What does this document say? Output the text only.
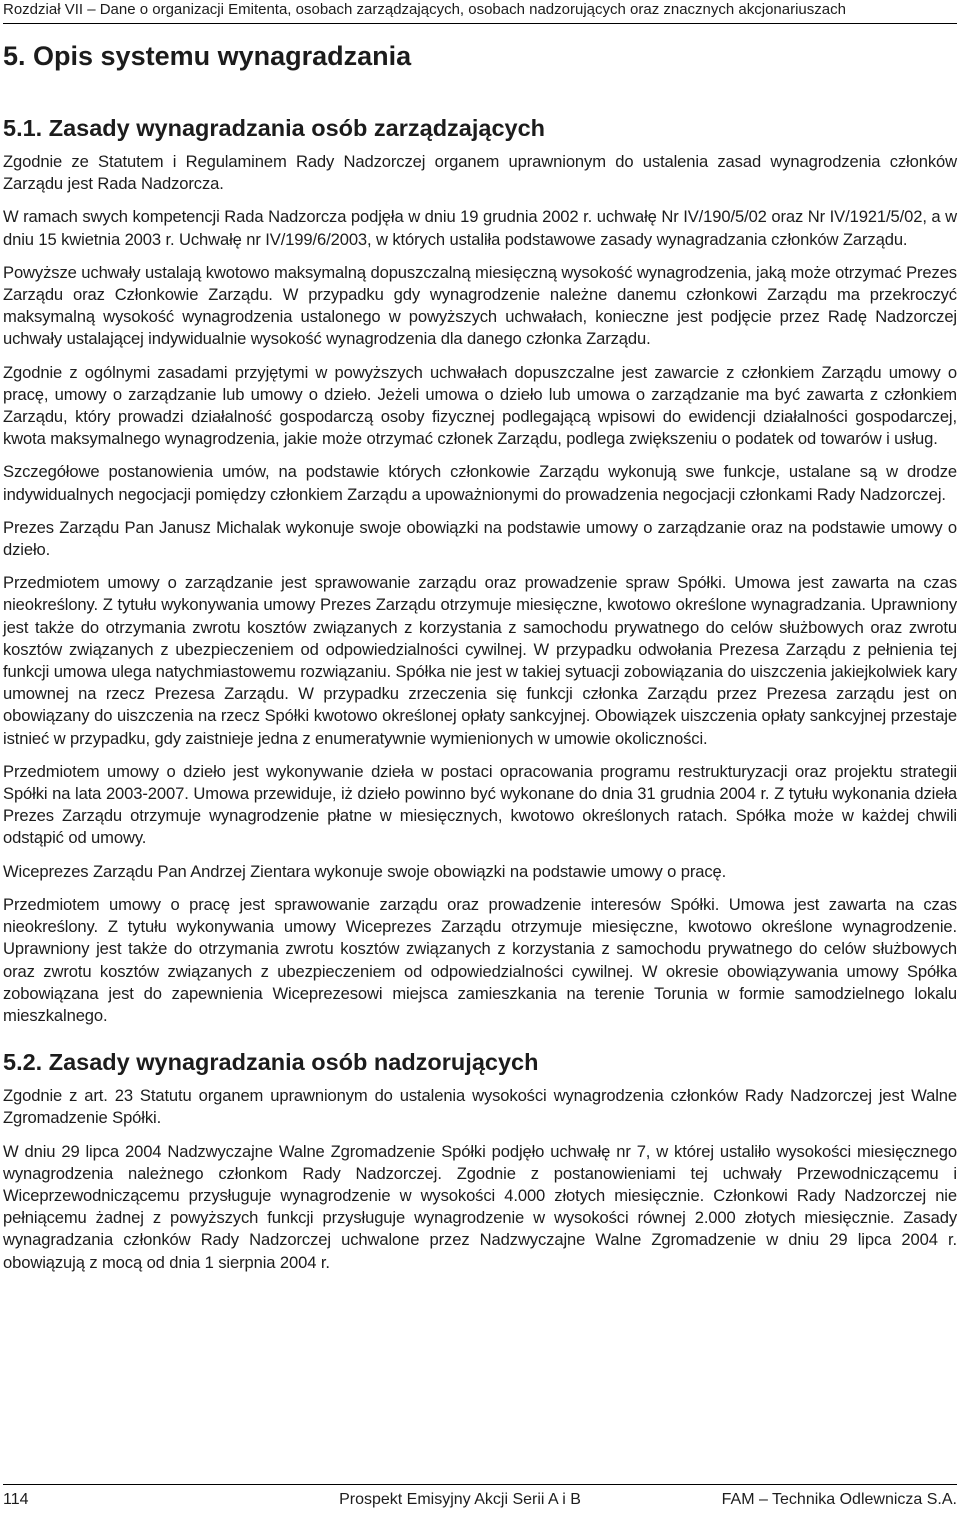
Rozdział VII – Dane o organizacji Emitenta, osobach zarządzających, osobach nadzorujących oraz znacznych akcjonariuszach
5. Opis systemu wynagradzania
5.1. Zasady wynagradzania osób zarządzających

Zgodnie ze Statutem i Regulaminem Rady Nadzorczej organem uprawnionym do ustalenia zasad wynagrodzenia członków Zarządu jest Rada Nadzorcza.

W ramach swych kompetencji Rada Nadzorcza podjęła w dniu 19 grudnia 2002 r. uchwałę Nr IV/190/5/02 oraz Nr IV/1921/5/02, a w dniu 15 kwietnia 2003 r. Uchwałę nr IV/199/6/2003, w których ustaliła podstawowe zasady wynagradzania członków Zarządu.

Powyższe uchwały ustalają kwotowo maksymalną dopuszczalną miesięczną wysokość wynagrodzenia, jaką może otrzymać Prezes Zarządu oraz Członkowie Zarządu. W przypadku gdy wynagrodzenie należne danemu członkowi Zarządu ma przekroczyć maksymalną wysokość wynagrodzenia ustalonego w powyższych uchwałach, konieczne jest podjęcie przez Radę Nadzorczej uchwały ustalającej indywidualnie wysokość wynagrodzenia dla danego członka Zarządu.

Zgodnie z ogólnymi zasadami przyjętymi w powyższych uchwałach dopuszczalne jest zawarcie z członkiem Zarządu umowy o pracę, umowy o zarządzanie lub umowy o dzieło. Jeżeli umowa o dzieło lub umowa o zarządzanie ma być zawarta z członkiem Zarządu, który prowadzi działalność gospodarczą osoby fizycznej podlegającą wpisowi do ewidencji działalności gospodarczej, kwota maksymalnego wynagrodzenia, jakie może otrzymać członek Zarządu, podlega zwiększeniu o podatek od towarów i usług.

Szczegółowe postanowienia umów, na podstawie których członkowie Zarządu wykonują swe funkcje, ustalane są w drodze indywidualnych negocjacji pomiędzy członkiem Zarządu a upoważnionymi do prowadzenia negocjacji członkami Rady Nadzorczej.

Prezes Zarządu Pan Janusz Michalak wykonuje swoje obowiązki na podstawie umowy o zarządzanie oraz na podstawie umowy o dzieło.

Przedmiotem umowy o zarządzanie jest sprawowanie zarządu oraz prowadzenie spraw Spółki. Umowa jest zawarta na czas nieokreślony. Z tytułu wykonywania umowy Prezes Zarządu otrzymuje miesięczne, kwotowo określone wynagradzania. Uprawniony jest także do otrzymania zwrotu kosztów związanych z korzystania z samochodu prywatnego do celów służbowych oraz zwrotu kosztów związanych z ubezpieczeniem od odpowiedzialności cywilnej. W przypadku odwołania Prezesa Zarządu z pełnienia tej funkcji umowa ulega natychmiastowemu rozwiązaniu. Spółka nie jest w takiej sytuacji zobowiązania do uiszczenia jakiejkolwiek kary umownej na rzecz Prezesa Zarządu. W przypadku zrzeczenia się funkcji członka Zarządu przez Prezesa zarządu jest on obowiązany do uiszczenia na rzecz Spółki kwotowo określonej opłaty sankcyjnej. Obowiązek uiszczenia opłaty sankcyjnej przestaje istnieć w przypadku, gdy zaistnieje jedna z enumeratywnie wymienionych w umowie okoliczności.

Przedmiotem umowy o dzieło jest wykonywanie dzieła w postaci opracowania programu restrukturyzacji oraz projektu strategii Spółki na lata 2003-2007. Umowa przewiduje, iż dzieło powinno być wykonane do dnia 31 grudnia 2004 r. Z tytułu wykonania dzieła Prezes Zarządu otrzymuje wynagrodzenie płatne w miesięcznych, kwotowo określonych ratach. Spółka może w każdej chwili odstąpić od umowy.

Wiceprezes Zarządu Pan Andrzej Zientara wykonuje swoje obowiązki na podstawie umowy o pracę.

Przedmiotem umowy o pracę jest sprawowanie zarządu oraz prowadzenie interesów Spółki. Umowa jest zawarta na czas nieokreślony. Z tytułu wykonywania umowy Wiceprezes Zarządu otrzymuje miesięczne, kwotowo określone wynagrodzenie. Uprawniony jest także do otrzymania zwrotu kosztów związanych z korzystania z samochodu prywatnego do celów służbowych oraz zwrotu kosztów związanych z ubezpieczeniem od odpowiedzialności cywilnej. W okresie obowiązywania umowy Spółka zobowiązana jest do zapewnienia Wiceprezesowi miejsca zamieszkania na terenie Torunia w formie samodzielnego lokalu mieszkalnego.

5.2. Zasady wynagradzania osób nadzorujących

Zgodnie z art. 23 Statutu organem uprawnionym do ustalenia wysokości wynagrodzenia członków Rady Nadzorczej jest Walne Zgromadzenie Spółki.

W dniu 29 lipca 2004 Nadzwyczajne Walne Zgromadzenie Spółki podjęło uchwałę nr 7, w której ustaliło wysokości miesięcznego wynagrodzenia należnego członkom Rady Nadzorczej. Zgodnie z postanowieniami tej uchwały Przewodniczącemu i Wiceprzewodniczącemu przysługuje wynagrodzenie w wysokości 4.000 złotych miesięcznie. Członkowi Rady Nadzorczej nie pełniącemu żadnej z powyższych funkcji przysługuje wynagrodzenie w wysokości równej 2.000 złotych miesięcznie. Zasady wynagradzania członków Rady Nadzorczej uchwalone przez Nadzwyczajne Walne Zgromadzenie w dniu 29 lipca 2004 r. obowiązują z mocą od dnia 1 sierpnia 2004 r.

114	Prospekt Emisyjny Akcji Serii A i B	FAM – Technika Odlewnicza S.A.
